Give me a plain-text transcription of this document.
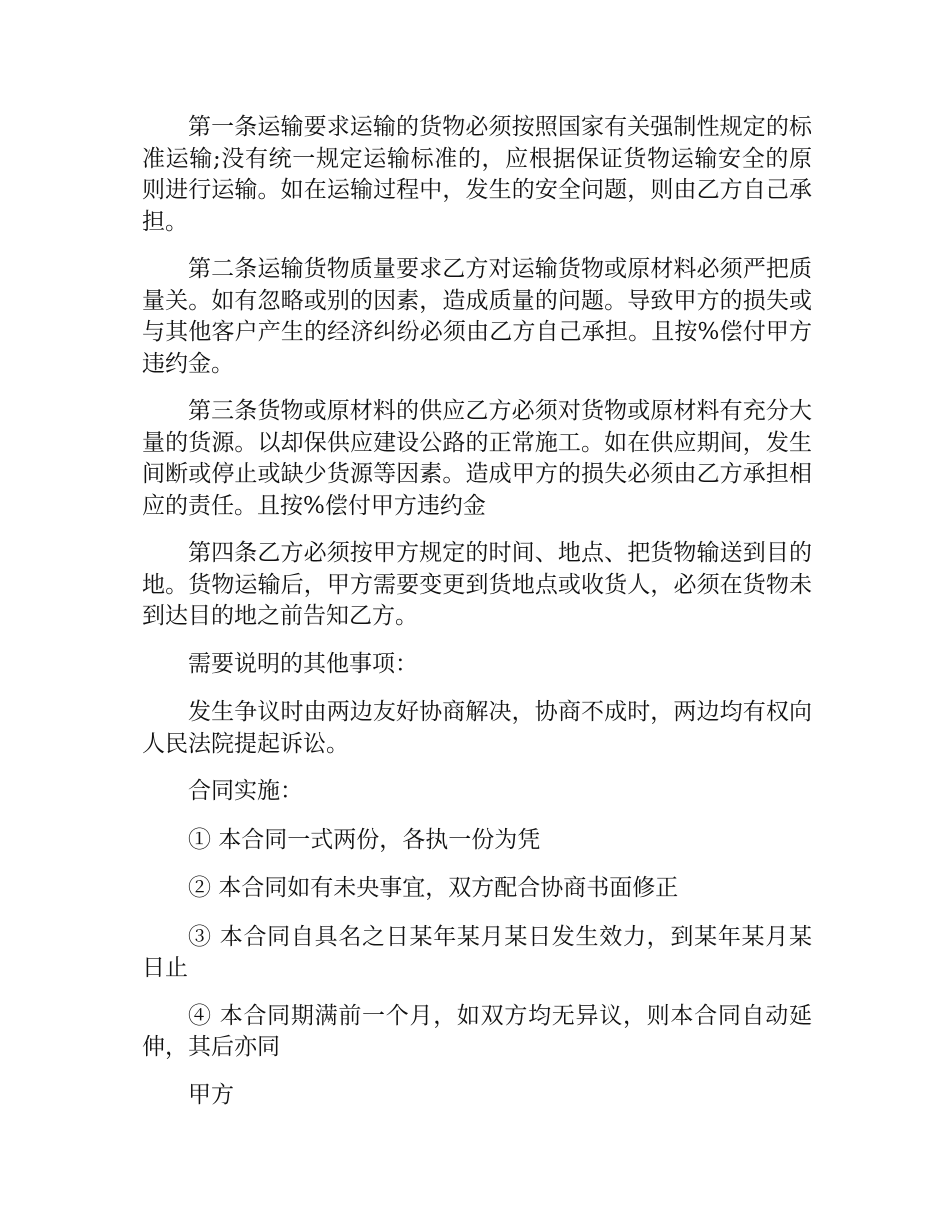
第一条运输要求运输的货物必须按照国家有关强制性规定的标准运输;没有统一规定运输标准的，应根据保证货物运输安全的原则进行运输。如在运输过程中，发生的安全问题，则由乙方自己承担。

第二条运输货物质量要求乙方对运输货物或原材料必须严把质量关。如有忽略或别的因素，造成质量的问题。导致甲方的损失或与其他客户产生的经济纠纷必须由乙方自己承担。且按%偿付甲方违约金。

第三条货物或原材料的供应乙方必须对货物或原材料有充分大量的货源。以却保供应建设公路的正常施工。如在供应期间，发生间断或停止或缺少货源等因素。造成甲方的损失必须由乙方承担相应的责任。且按%偿付甲方违约金

第四条乙方必须按甲方规定的时间、地点、把货物输送到目的地。货物运输后，甲方需要变更到货地点或收货人，必须在货物未到达目的地之前告知乙方。

需要说明的其他事项：

发生争议时由两边友好协商解决，协商不成时，两边均有权向人民法院提起诉讼。

合同实施：

① 本合同一式两份，各执一份为凭

② 本合同如有未央事宜，双方配合协商书面修正

③ 本合同自具名之日某年某月某日发生效力，到某年某月某日止

④ 本合同期满前一个月，如双方均无异议，则本合同自动延伸，其后亦同

甲方
